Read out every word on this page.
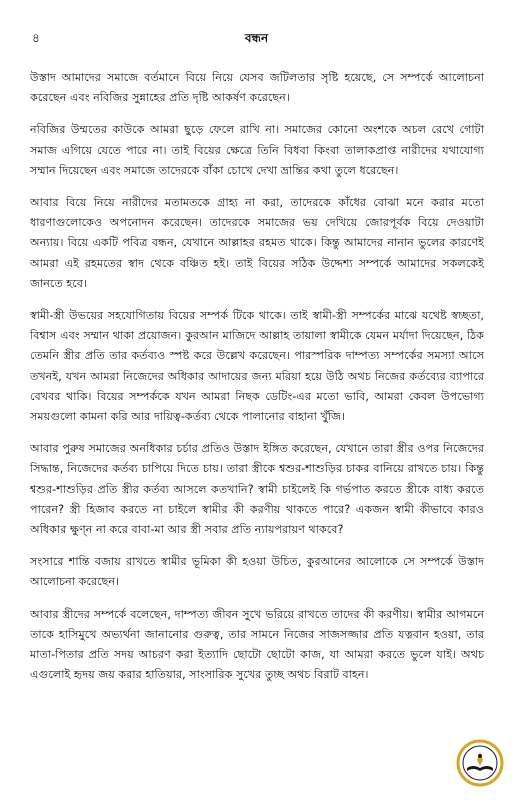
৪	বন্ধন

উস্তাদ আমাদের সমাজে বর্তমানে বিয়ে নিয়ে যেসব জটিলতার সৃষ্টি হয়েছে, সে সম্পর্কে আলোচনা করেছেন এবং নবিজির সুন্নাহের প্রতি দৃষ্টি আকর্ষণ করেছেন।

নবিজির উম্মতের কাউকে আমরা ছুড়ে ফেলে রাখি না। সমাজের কোনো অংশকে অচল রেখে গোটা সমাজ এগিয়ে যেতে পারে না। তাই বিয়ের ক্ষেত্রে তিনি বিধবা কিংবা তালাকপ্রাপ্ত নারীদের যথাযোগ্য সম্মান দিয়েছেন এবং সমাজে তাদেরকে বাঁকা চোখে দেখা ভ্রান্তির কথা তুলে ধরেছেন।

আবার বিয়ে নিয়ে নারীদের মতামতকে গ্রাহ্য না করা, তাদেরকে কাঁধের বোঝা মনে করার মতো ধারণাগুলোকেও অপনোদন করেছেন। তাদেরকে সমাজের ভয় দেখিয়ে জোরপূর্বক বিয়ে দেওয়াটা অন্যায়। বিয়ে একটি পবিত্র বন্ধন, যেখানে আল্লাহর রহমত থাকে। কিন্তু আমাদের নানান ভুলের কারণেই আমরা এই রহমতের স্বাদ থেকে বঞ্চিত হই। তাই বিয়ের সঠিক উদ্দেশ্য সম্পর্কে আমাদের সকলকেই জানতে হবে।

স্বামী-স্ত্রী উভয়ের সহযোগিতায় বিয়ের সম্পর্ক টিকে থাকে। তাই স্বামী-স্ত্রী সম্পর্কের মাঝে যথেষ্ট স্বচ্ছতা, বিশ্বাস এবং সম্মান থাকা প্রয়োজন। কুরআন মাজিদে আল্লাহ তায়ালা স্বামীকে যেমন মর্যাদা দিয়েছেন, ঠিক তেমনি স্ত্রীর প্রতি তার কর্তব্যও স্পষ্ট করে উল্লেখ করেছেন। পারস্পরিক দাম্পত্য সম্পর্কের সমস্যা আসে তখনই, যখন আমরা নিজেদের অধিকার আদায়ের জন্য মরিয়া হয়ে উঠি অথচ নিজের কর্তব্যের ব্যাপারে বেখবর থাকি। বিয়ের সম্পর্ককে যখন আমরা নিছক ডেটিং-এর মতো ভাবি, আমরা কেবল উপভোগ্য সময়গুলো কামনা করি আর দায়িত্ব-কর্তব্য থেকে পালানোর বাহানা খুঁজি।

আবার পুরুষ সমাজের অনধিকার চর্চার প্রতিও উস্তাদ ইঙ্গিত করেছেন, যেখানে তারা স্ত্রীর ওপর নিজেদের সিদ্ধান্ত, নিজেদের কর্তব্য চাপিয়ে দিতে চায়। তারা স্ত্রীকে শ্বশুর-শাশুড়ির চাকর বানিয়ে রাখতে চায়। কিন্তু শ্বশুর-শাশুড়ির প্রতি স্ত্রীর কর্তব্য আসলে কতখানি? স্বামী চাইলেই কি গর্ভপাত করতে স্ত্রীকে বাধ্য করতে পারেন? স্ত্রী হিজাব করতে না চাইলে স্বামীর কী করণীয় থাকতে পারে? একজন স্বামী কীভাবে কারও অধিকার ক্ষুণ্ন না করে বাবা-মা আর স্ত্রী সবার প্রতি ন্যায়পরায়ণ থাকবে?

সংসারে শান্তি বজায় রাখতে স্বামীর ভূমিকা কী হওয়া উচিত, কুরআনের আলোকে সে সম্পর্কে উস্তাদ আলোচনা করেছেন।

আবার স্ত্রীদের সম্পর্কে বলেছেন, দাম্পত্য জীবন সুখে ভরিয়ে রাখতে তাদের কী করণীয়। স্বামীর আগমনে তাকে হাসিমুখে অভ্যর্থনা জানানোর গুরুত্ব, তার সামনে নিজের সাজসজ্জার প্রতি যত্নবান হওয়া, তার মাতা-পিতার প্রতি সদয় আচরণ করা ইত্যাদি ছোটো ছোটো কাজ, যা আমরা করতে ভুলে যাই। অথচ এগুলোই হৃদয় জয় করার হাতিয়ার, সাংসারিক সুখের তুচ্ছ অথচ বিরাট বাহন।
